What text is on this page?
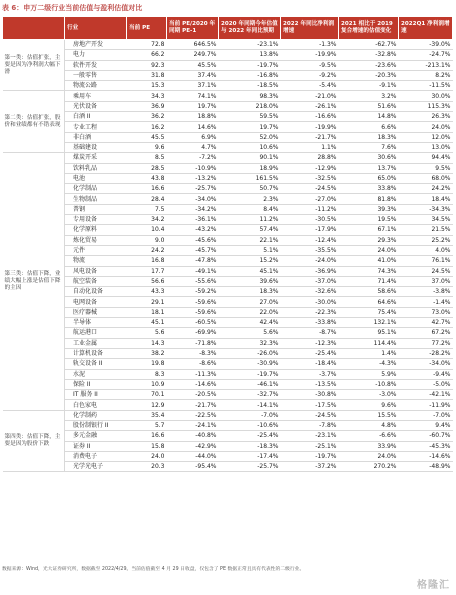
表 6：申万二级行业当前估值与盈利估值对比
	行业	当前 PE	当前 PE/2020 年同期 PE-1	2020 年同期今年估值与 2022 年同比预期	2022 年同比净利润增速	2021 相比于 2019 复合增速的估值变化	2022Q1 净利润增速
第一类：估值扩张，主要是因为净利润大幅下滑	房地产开发	72.8	646.5%	-23.1%	-1.3%	-62.7%	-39.0%
	电力	66.2	249.7%	13.8%	-19.9%	-32.8%	-24.7%
	软件开发	92.3	45.5%	-19.7%	-9.5%	-23.6%	-213.1%
	一般零售	31.8	37.4%	-16.8%	-9.2%	-20.3%	8.2%
	物流公路	15.3	37.1%	-18.5%	-5.4%	-9.1%	-11.5%
第二类：估值扩张，股价和业绩都有不错表现	乘用车	34.3	74.1%	98.3%	-21.0%	3.2%	30.0%
	光伏设备	36.9	19.7%	218.0%	-26.1%	51.6%	115.3%
	白酒 II	36.2	18.8%	59.5%	-16.6%	14.8%	26.3%
	专业工程	16.2	14.6%	19.7%	-19.9%	6.6%	24.0%
	非白酒	45.5	6.9%	52.0%	-21.7%	18.3%	12.0%
	基础建设	9.6	4.7%	10.6%	1.1%	7.6%	13.0%
第三类：估值下降，业绩大幅上涨是估值下降的主因	煤炭开采	8.5	-7.2%	90.1%	28.8%	30.6%	94.4%
	饮料乳品	28.5	-10.9%	18.9%	-12.9%	13.7%	9.5%
	电池	43.8	-13.2%	161.5%	-32.5%	65.0%	68.0%
	化学制品	16.6	-25.7%	50.7%	-24.5%	33.8%	24.2%
	生物制品	28.4	-34.0%	2.3%	-27.0%	81.8%	18.4%
	普钢	7.5	-34.2%	8.4%	-11.2%	39.3%	-34.3%
	专用设备	34.2	-36.1%	11.2%	-30.5%	19.5%	34.5%
	化学原料	10.4	-43.2%	57.4%	-17.9%	67.1%	21.5%
	炼化贸易	9.0	-45.6%	22.1%	-12.4%	29.3%	25.2%
	元件	24.2	-45.7%	5.1%	-35.5%	24.0%	4.0%
	物流	16.8	-47.8%	15.2%	-24.0%	41.0%	76.1%
	风电设备	17.7	-49.1%	45.1%	-36.9%	74.3%	24.5%
	航空装备	56.6	-55.6%	39.6%	-37.0%	71.4%	37.0%
	自动化设备	43.3	-59.2%	18.3%	-32.6%	58.6%	-3.8%
	电网设备	29.1	-59.6%	27.0%	-30.0%	64.6%	-1.4%
	医疗器械	18.1	-59.6%	22.0%	-22.3%	75.4%	73.0%
	半导体	45.1	-60.5%	42.4%	-33.8%	132.1%	42.7%
	航运港口	5.6	-69.9%	5.6%	-8.7%	95.1%	67.2%
	工业金属	14.3	-71.8%	32.3%	-12.3%	114.4%	77.2%
	计算机设备	38.2	-8.3%	-26.0%	-25.4%	1.4%	-28.2%
	轨交设备 II	19.8	-8.6%	-30.9%	-18.4%	-4.3%	-34.0%
	水泥	8.3	-11.3%	-19.7%	-3.7%	5.9%	-9.4%
	保险 II	10.9	-14.6%	-46.1%	-13.5%	-10.8%	-5.0%
	IT 服务 II	70.1	-20.5%	-32.7%	-30.8%	-3.0%	-42.1%
	白色家电	12.9	-21.7%	-14.1%	-17.5%	9.6%	-11.9%
第四类：估值下降，主要是因为股价下跌	化学制药	35.4	-22.5%	-7.0%	-24.5%	15.5%	-7.0%
	股份制银行 II	5.7	-24.1%	-10.6%	-7.8%	4.8%	9.4%
	多元金融	16.6	-40.8%	-25.4%	-23.1%	-6.6%	-60.7%
	证券 II	15.8	-42.9%	-18.3%	-25.1%	33.9%	-45.3%
	消费电子	24.0	-44.0%	-17.4%	-19.7%	24.0%	-14.6%
	光学光电子	20.3	-95.4%	-25.7%	-37.2%	270.2%	-48.9%
数据来源：Wind，光大证券研究所，数据截至 2022/4/29。当前估值截至 4 月 29 日收盘，仅包含了 PE 数据正常且具有代表性的二级行业。
格隆汇
